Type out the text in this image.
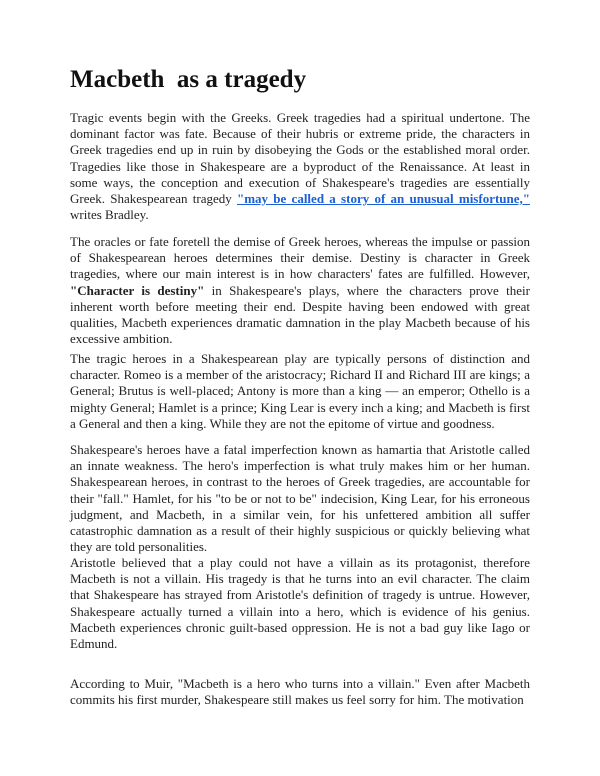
Macbeth  as a tragedy

Tragic events begin with the Greeks. Greek tragedies had a spiritual undertone. The dominant factor was fate. Because of their hubris or extreme pride, the characters in Greek tragedies end up in ruin by disobeying the Gods or the established moral order. Tragedies like those in Shakespeare are a byproduct of the Renaissance. At least in some ways, the conception and execution of Shakespeare's tragedies are essentially Greek. Shakespearean tragedy "may be called a story of an unusual misfortune," writes Bradley.

The oracles or fate foretell the demise of Greek heroes, whereas the impulse or passion of Shakespearean heroes determines their demise. Destiny is character in Greek tragedies, where our main interest is in how characters' fates are fulfilled. However, "Character is destiny" in Shakespeare's plays, where the characters prove their inherent worth before meeting their end. Despite having been endowed with great qualities, Macbeth experiences dramatic damnation in the play Macbeth because of his excessive ambition.

The tragic heroes in a Shakespearean play are typically persons of distinction and character. Romeo is a member of the aristocracy; Richard II and Richard III are kings; a General; Brutus is well-placed; Antony is more than a king — an emperor; Othello is a mighty General; Hamlet is a prince; King Lear is every inch a king; and Macbeth is first a General and then a king. While they are not the epitome of virtue and goodness.

Shakespeare's heroes have a fatal imperfection known as hamartia that Aristotle called an innate weakness. The hero's imperfection is what truly makes him or her human. Shakespearean heroes, in contrast to the heroes of Greek tragedies, are accountable for their "fall." Hamlet, for his "to be or not to be" indecision, King Lear, for his erroneous judgment, and Macbeth, in a similar vein, for his unfettered ambition all suffer catastrophic damnation as a result of their highly suspicious or quickly believing what they are told personalities.

Aristotle believed that a play could not have a villain as its protagonist, therefore Macbeth is not a villain. His tragedy is that he turns into an evil character. The claim that Shakespeare has strayed from Aristotle's definition of tragedy is untrue. However, Shakespeare actually turned a villain into a hero, which is evidence of his genius. Macbeth experiences chronic guilt-based oppression. He is not a bad guy like Iago or Edmund.

According to Muir, "Macbeth is a hero who turns into a villain." Even after Macbeth commits his first murder, Shakespeare still makes us feel sorry for him. The motivation
